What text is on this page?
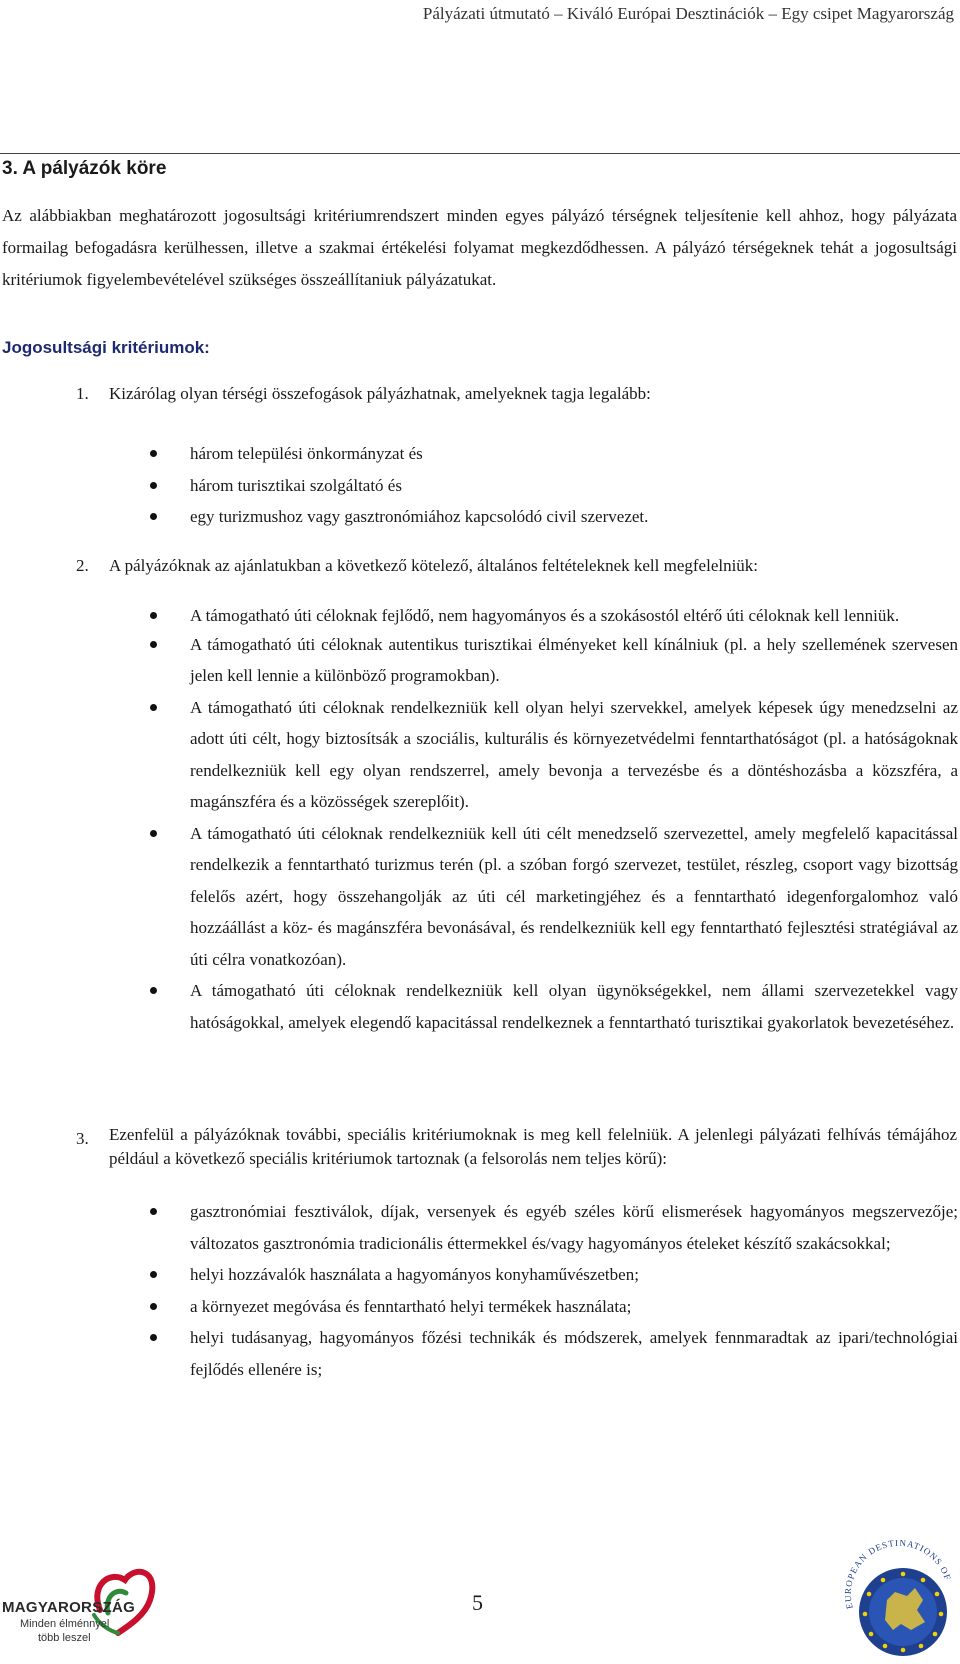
Pályázati útmutató – Kiváló Európai Desztinációk – Egy csipet Magyarország
3. A pályázók köre
Az alábbiakban meghatározott jogosultsági kritériumrendszert minden egyes pályázó térségnek teljesítenie kell ahhoz, hogy pályázata formailag befogadásra kerülhessen, illetve a szakmai értékelési folyamat megkezdődhessen. A pályázó térségeknek tehát a jogosultsági kritériumok figyelembevételével szükséges összeállítaniuk pályázatukat.
Jogosultsági kritériumok:
1. Kizárólag olyan térségi összefogások pályázhatnak, amelyeknek tagja legalább:
három települési önkormányzat és
három turisztikai szolgáltató és
egy turizmushoz vagy gasztronómiához kapcsolódó civil szervezet.
2. A pályázóknak az ajánlatukban a következő kötelező, általános feltételeknek kell megfelelniük:
A támogatható úti céloknak fejlődő, nem hagyományos és a szokásostól eltérő úti céloknak kell lenniük.
A támogatható úti céloknak autentikus turisztikai élményeket kell kínálniuk (pl. a hely szellemének szervesen jelen kell lennie a különböző programokban).
A támogatható úti céloknak rendelkezniük kell olyan helyi szervekkel, amelyek képesek úgy menedzselni az adott úti célt, hogy biztosítsák a szociális, kulturális és környezetvédelmi fenntarthatóságot (pl. a hatóságoknak rendelkezniük kell egy olyan rendszerrel, amely bevonja a tervezésbe és a döntéshozásba a közszféra, a magánszféra és a közösségek szereplőit).
A támogatható úti céloknak rendelkezniük kell úti célt menedzselő szervezettel, amely megfelelő kapacitással rendelkezik a fenntartható turizmus terén (pl. a szóban forgó szervezet, testület, részleg, csoport vagy bizottság felelős azért, hogy összehangolják az úti cél marketingjéhez és a fenntartható idegenforgalomhoz való hozzáállást a köz- és magánszféra bevonásával, és rendelkezniük kell egy fenntartható fejlesztési stratégiával az úti célra vonatkozóan).
A támogatható úti céloknak rendelkezniük kell olyan ügynökségekkel, nem állami szervezetekkel vagy hatóságokkal, amelyek elegendő kapacitással rendelkeznek a fenntartható turisztikai gyakorlatok bevezetéséhez.
3. Ezenfelül a pályázóknak további, speciális kritériumoknak is meg kell felelniük. A jelenlegi pályázati felhívás témájához például a következő speciális kritériumok tartoznak (a felsorolás nem teljes körű):
gasztronómiai fesztiválok, díjak, versenyek és egyéb széles körű elismerések hagyományos megszervezője; változatos gasztronómia tradicionális éttermekkel és/vagy hagyományos ételeket készítő szakácsokkal;
helyi hozzávalók használata a hagyományos konyhaművészetben;
a környezet megóvása és fenntartható helyi termékek használata;
helyi tudásanyag, hagyományos főzési technikák és módszerek, amelyek fennmaradtak az ipari/technológiai fejlődés ellenére is;
MAGYARORSZÁG
Minden élménnyel
több leszel
5	EUROPEAN DESTINATIONS OF
